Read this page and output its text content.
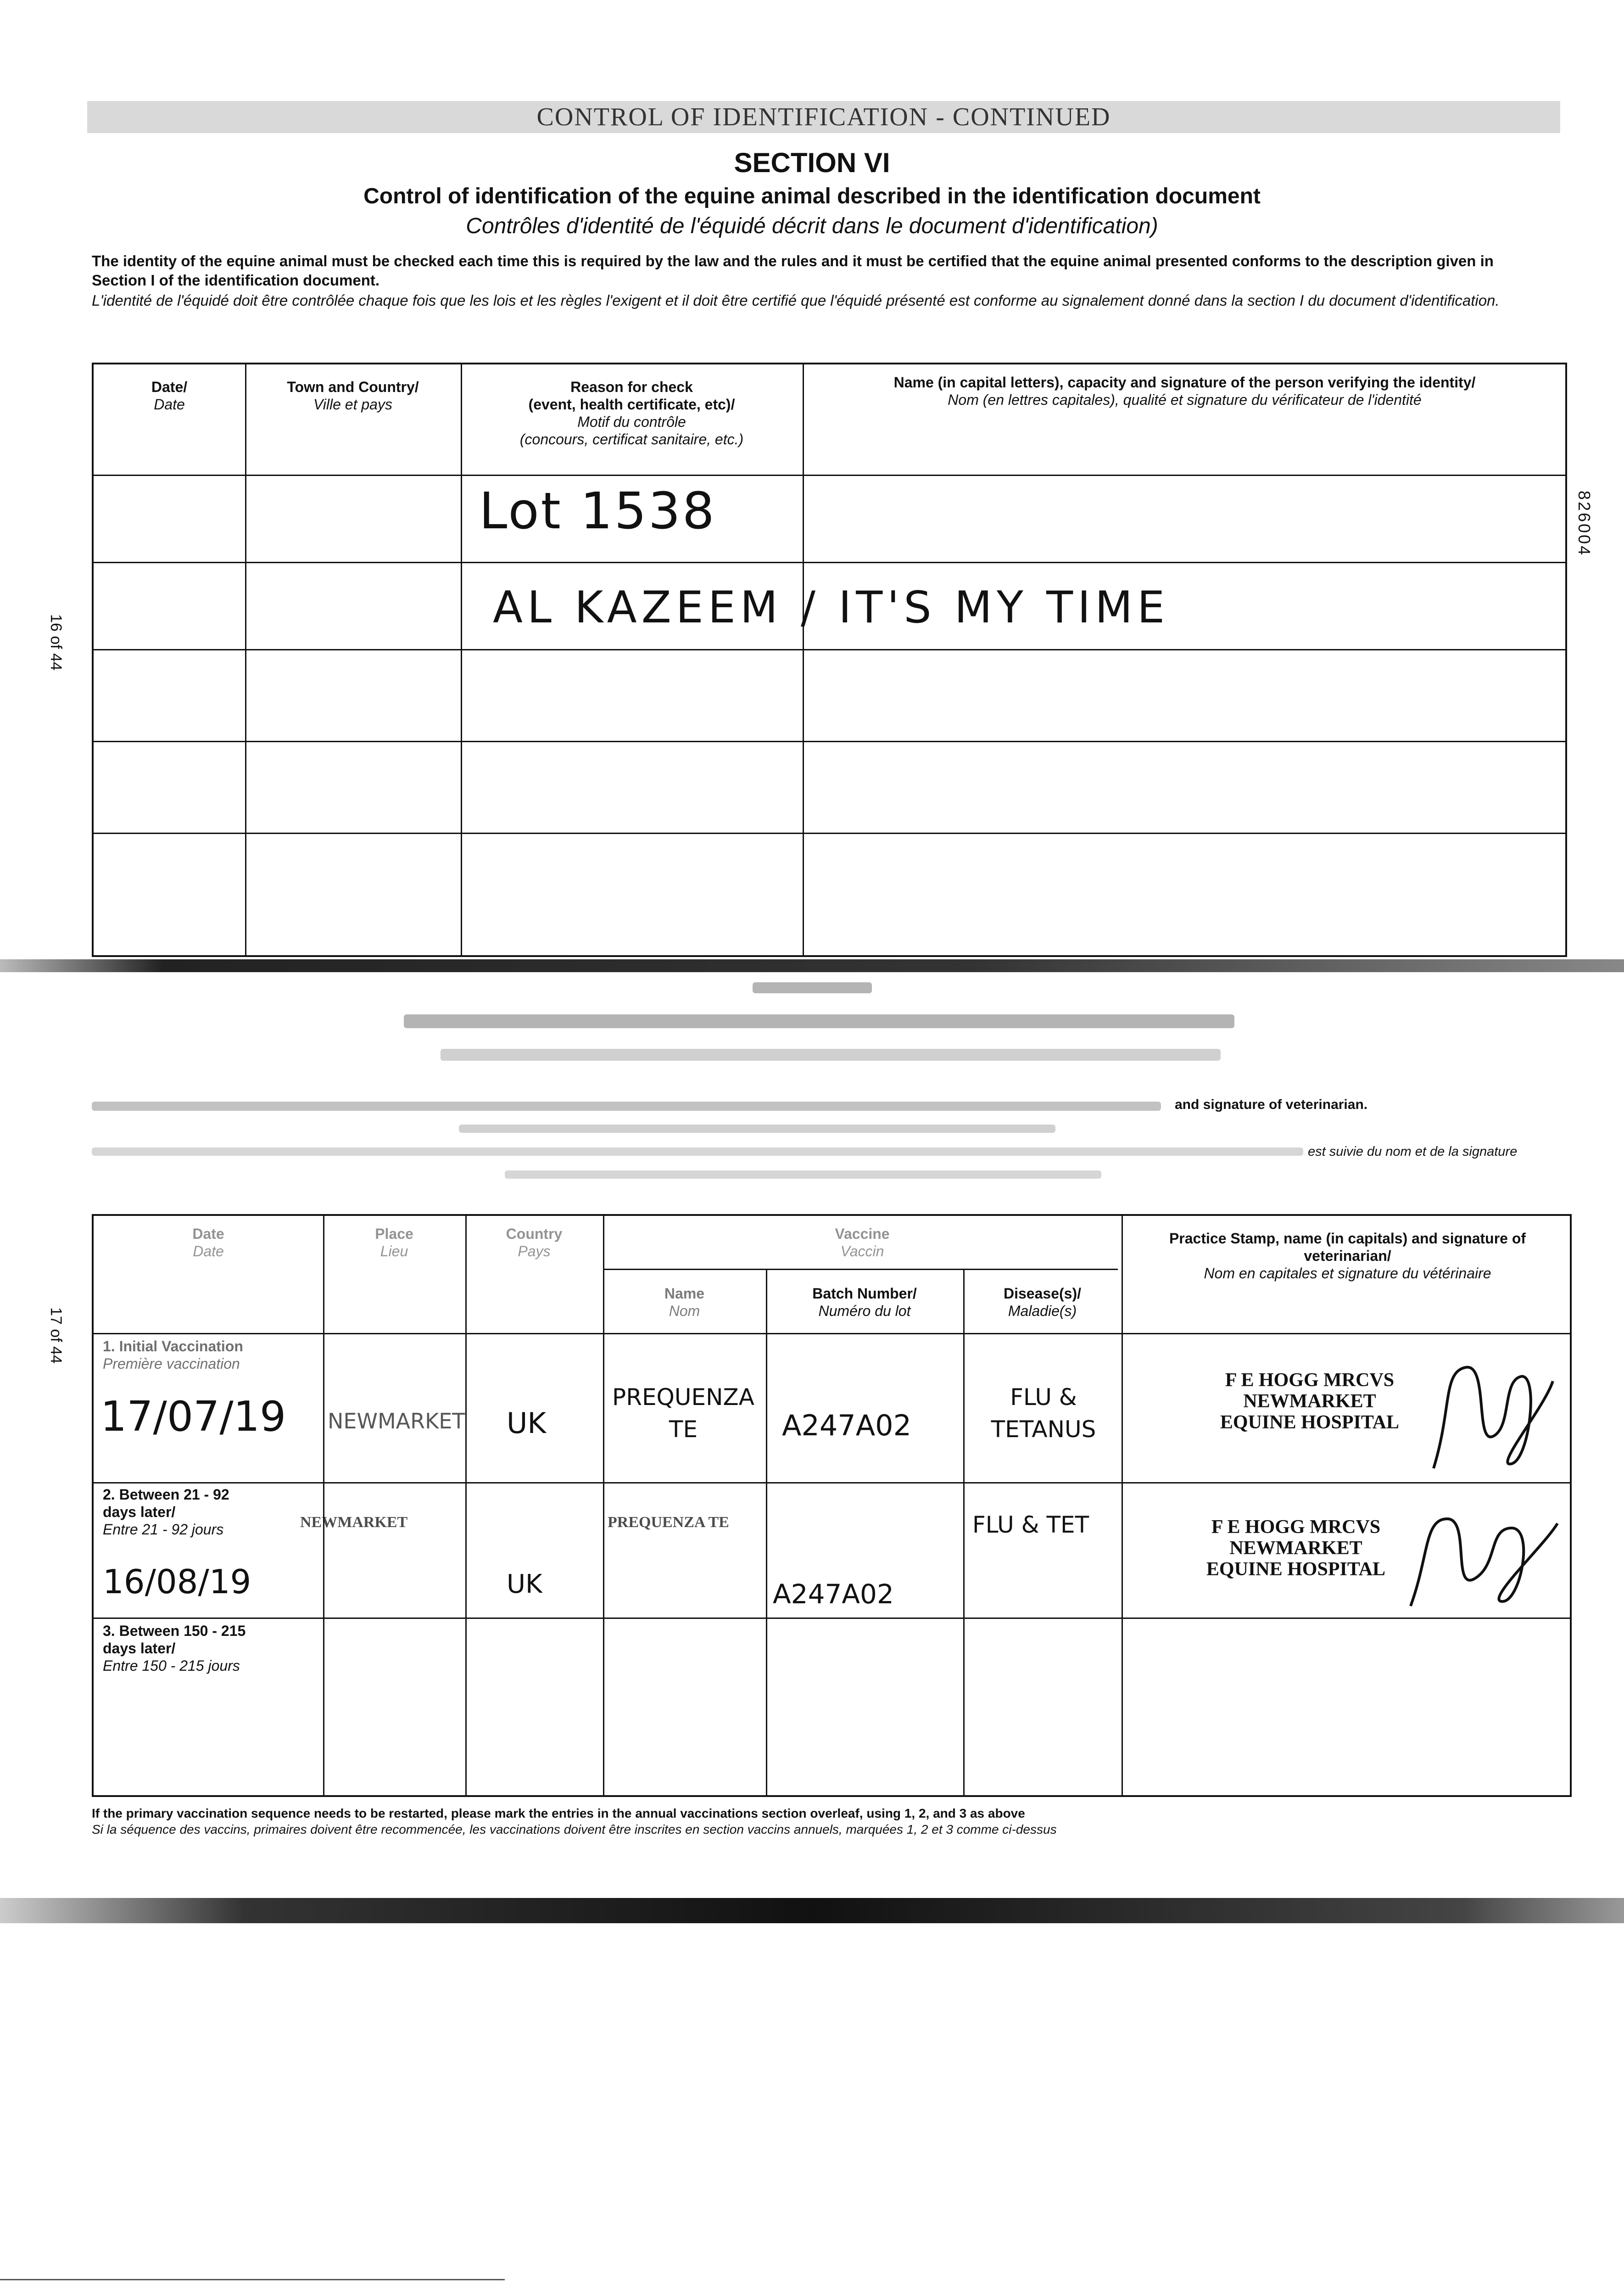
CONTROL OF IDENTIFICATION - CONTINUED
SECTION VI
Control of identification of the equine animal described in the identification document
Contrôles d'identité de l'équidé décrit dans le document d'identification)
The identity of the equine animal must be checked each time this is required by the law and the rules and it must be certified that the equine animal presented conforms to the description given in Section I of the identification document.
L'identité de l'équidé doit être contrôlée chaque fois que les lois et les règles l'exigent et il doit être certifié que l'équidé présenté est conforme au signalement donné dans la section I du document d'identification.
Date/
Date
Town and Country/
Ville et pays
Reason for check
(event, health certificate, etc)/
Motif du contrôle
(concours, certificat sanitaire, etc.)
Name (in capital letters), capacity and signature of the person verifying the identity/
Nom (en lettres capitales), qualité et signature du vérificateur de l'identité
Lot 1538
AL KAZEEM / IT'S MY TIME
16 of 44
826004
and signature of veterinarian.
est suivie du nom et de la signature
Date
Date
Place
Lieu
Country
Pays
Vaccine
Vaccin
Name
Nom
Batch Number/
Numéro du lot
Disease(s)/
Maladie(s)
Practice Stamp, name (in capitals) and signature of
veterinarian/
Nom en capitales et signature du vétérinaire
1. Initial Vaccination
Première vaccination
17/07/19 NEWMARKET UK
PREQUENZA TE	A247A02
FLU & TETANUS
F E HOGG MRCVS
NEWMARKET
EQUINE HOSPITAL
2. Between 21 - 92 days later/
Entre 21 - 92 jours
16/08/19
NEWMARKET
UK
PREQUENZA TE
A247A02
FLU & TET	F E HOGG MRCVS
NEWMARKET
EQUINE HOSPITAL
3. Between 150 - 215 days later/
Entre 150 - 215 jours
17 of 44
If the primary vaccination sequence needs to be restarted, please mark the entries in the annual vaccinations section overleaf, using 1, 2, and 3 as above
Si la séquence des vaccins, primaires doivent être recommencée, les vaccinations doivent être inscrites en section vaccins annuels, marquées 1, 2 et 3 comme ci-dessus
